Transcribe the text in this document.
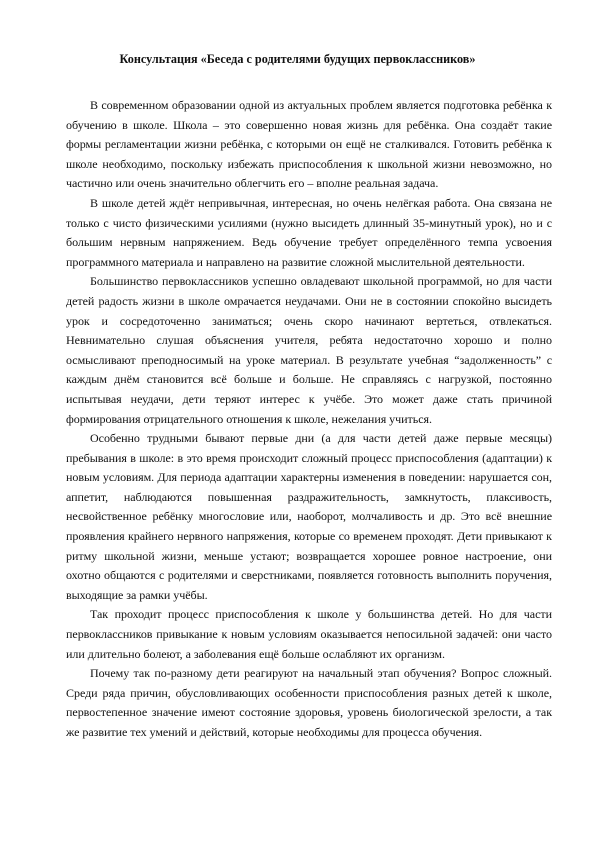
Консультация «Беседа с родителями будущих первоклассников»

В современном образовании одной из актуальных проблем является подготовка ребёнка к обучению в школе. Школа – это совершенно новая жизнь для ребёнка. Она создаёт такие формы регламентации жизни ребёнка, с которыми он ещё не сталкивался. Готовить ребёнка к школе необходимо, поскольку избежать приспособления к школьной жизни невозможно, но частично или очень значительно облегчить его – вполне реальная задача.

В школе детей ждёт непривычная, интересная, но очень нелёгкая работа. Она связана не только с чисто физическими усилиями (нужно высидеть длинный 35-минутный урок), но и с большим нервным напряжением. Ведь обучение требует определённого темпа усвоения программного материала и направлено на развитие сложной мыслительной деятельности.

Большинство первоклассников успешно овладевают школьной программой, но для части детей радость жизни в школе омрачается неудачами. Они не в состоянии спокойно высидеть урок и сосредоточенно заниматься; очень скоро начинают вертеться, отвлекаться. Невнимательно слушая объяснения учителя, ребята недостаточно хорошо и полно осмысливают преподносимый на уроке материал. В результате учебная “задолженность” с каждым днём становится всё больше и больше. Не справляясь с нагрузкой, постоянно испытывая неудачи, дети теряют интерес к учёбе. Это может даже стать причиной формирования отрицательного отношения к школе, нежелания учиться.

Особенно трудными бывают первые дни (а для части детей даже первые месяцы) пребывания в школе: в это время происходит сложный процесс приспособления (адаптации) к новым условиям. Для периода адаптации характерны изменения в поведении: нарушается сон, аппетит, наблюдаются повышенная раздражительность, замкнутость, плаксивость, несвойственное ребёнку многословие или, наоборот, молчаливость и др. Это всё внешние проявления крайнего нервного напряжения, которые со временем проходят. Дети привыкают к ритму школьной жизни, меньше устают; возвращается хорошее ровное настроение, они охотно общаются с родителями и сверстниками, появляется готовность выполнить поручения, выходящие за рамки учёбы.

Так проходит процесс приспособления к школе у большинства детей. Но для части первоклассников привыкание к новым условиям оказывается непосильной задачей: они часто или длительно болеют, а заболевания ещё больше ослабляют их организм.

Почему так по-разному дети реагируют на начальный этап обучения? Вопрос сложный. Среди ряда причин, обусловливающих особенности приспособления разных детей к школе, первостепенное значение имеют состояние здоровья, уровень биологической зрелости, а так же развитие тех умений и действий, которые необходимы для процесса обучения.
